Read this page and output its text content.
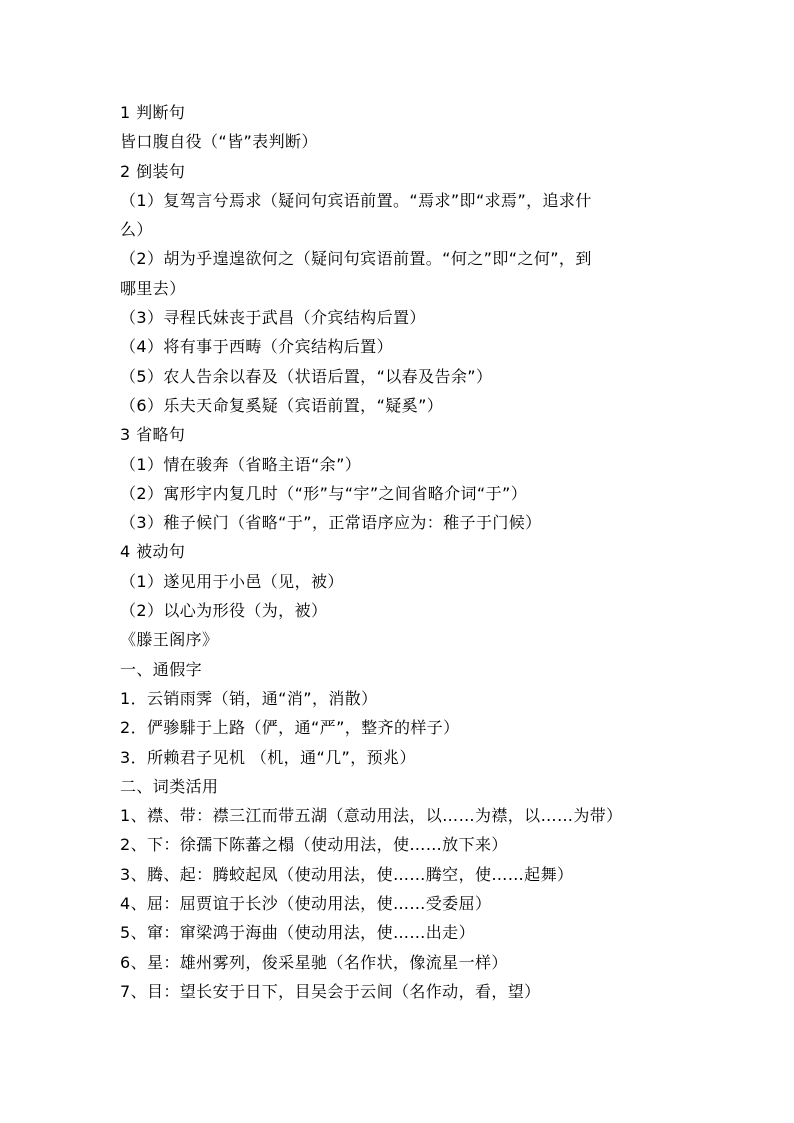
1 判断句
皆口腹自役（“皆”表判断）
2 倒装句
（1）复驾言兮焉求（疑问句宾语前置。“焉求”即“求焉”，追求什
么）
（2）胡为乎遑遑欲何之（疑问句宾语前置。“何之”即“之何”，到
哪里去）
（3）寻程氏妹丧于武昌（介宾结构后置）
（4）将有事于西畴（介宾结构后置）
（5）农人告余以春及（状语后置，“以春及告余”）
（6）乐夫天命复奚疑（宾语前置，“疑奚”）
3 省略句
（1）情在骏奔（省略主语“余”）
（2）寓形宇内复几时（“形”与“宇”之间省略介词“于”）
（3）稚子候门（省略“于”，正常语序应为：稚子于门候）
4 被动句
（1）遂见用于小邑（见，被）
（2）以心为形役（为，被）
《滕王阁序》
一、通假字
1．云销雨霁（销，通“消”，消散）
2．俨骖騑于上路（俨，通“严”，整齐的样子）
3．所赖君子见机 （机，通“几”，预兆）
二、词类活用
1、襟、带：襟三江而带五湖（意动用法，以……为襟，以……为带）
2、下：徐孺下陈蕃之榻（使动用法，使……放下来）
3、腾、起：腾蛟起凤（使动用法，使……腾空，使……起舞）
4、屈：屈贾谊于长沙（使动用法，使……受委屈）
5、窜：窜梁鸿于海曲（使动用法，使……出走）
6、星：雄州雾列，俊采星驰（名作状，像流星一样）
7、目：望长安于日下，目吴会于云间（名作动，看，望）
